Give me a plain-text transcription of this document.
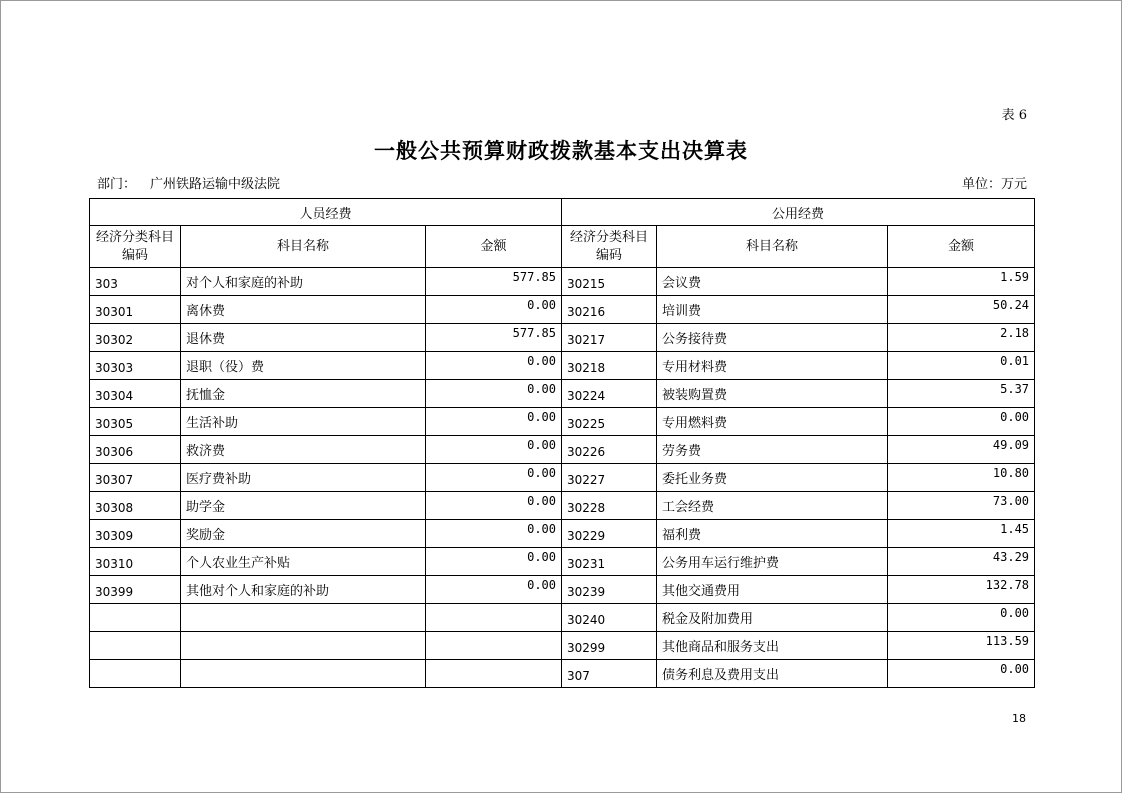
表 6
一般公共预算财政拨款基本支出决算表
部门： 广州铁路运输中级法院	单位：万元
人员经费			公用经费		
经济分类科目编码	科目名称	金额	经济分类科目编码	科目名称	金额
303	对个人和家庭的补助	577.85	30215	会议费	1.59
30301	离休费	0.00	30216	培训费	50.24
30302	退休费	577.85	30217	公务接待费	2.18
30303	退职（役）费	0.00	30218	专用材料费	0.01
30304	抚恤金	0.00	30224	被装购置费	5.37
30305	生活补助	0.00	30225	专用燃料费	0.00
30306	救济费	0.00	30226	劳务费	49.09
30307	医疗费补助	0.00	30227	委托业务费	10.80
30308	助学金	0.00	30228	工会经费	73.00
30309	奖励金	0.00	30229	福利费	1.45
30310	个人农业生产补贴	0.00	30231	公务用车运行维护费	43.29
30399	其他对个人和家庭的补助	0.00	30239	其他交通费用	132.78
			30240	税金及附加费用	0.00
			30299	其他商品和服务支出	113.59
			307	债务利息及费用支出	0.00
18
